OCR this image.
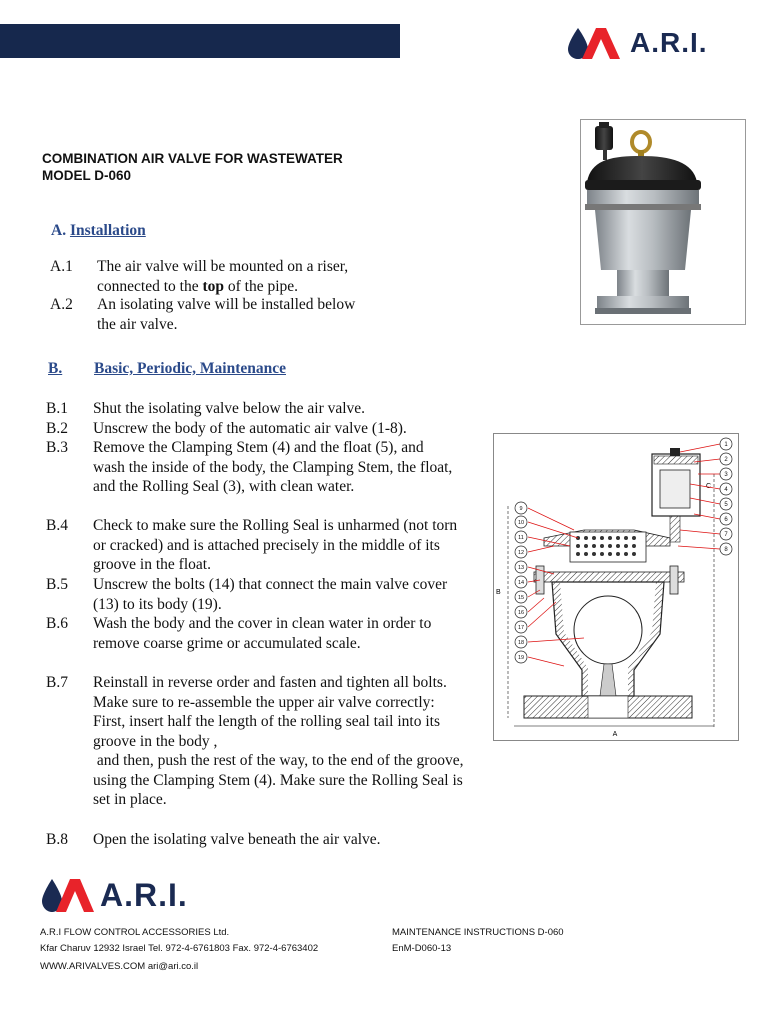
A.R.I.
COMBINATION AIR VALVE FOR WASTEWATER
MODEL D-060
A. Installation
A.1	The air valve will be mounted on a riser,
connected to the top of the pipe.
A.2	An isolating valve will be installed below
the air valve.
B. Basic, Periodic, Maintenance
B.1	Shut the isolating valve below the air valve.
B.2	Unscrew the body of the automatic air valve (1-8).
B.3	Remove the Clamping Stem (4) and the float (5), and wash the inside of the body, the Clamping Stem, the float, and the Rolling Seal (3), with clean water.
B.4	Check to make sure the Rolling Seal is unharmed (not torn or cracked) and is attached precisely in the middle of its groove in the float.
B.5	Unscrew the bolts (14) that connect the main valve cover (13) to its body (19).
B.6	Wash the body and the cover in clean water in order to remove coarse grime or accumulated scale.
B.7	Reinstall in reverse order and fasten and tighten all bolts. Make sure to re-assemble the upper air valve correctly:
First, insert half the length of the rolling seal tail into its groove in the body ,
and then, push the rest of the way, to the end of the groove, using the Clamping Stem (4). Make sure the Rolling Seal is set in place.
B.8	Open the isolating valve beneath the air valve.
A
B
C
1
2
3
4
5
6
7
8
9
10
11
12
13
14
15
16
17
18
19
A.R.I.
A.R.I FLOW CONTROL ACCESSORIES Ltd.
Kfar Charuv 12932 Israel Tel. 972-4-6761803 Fax. 972-4-6763402
WWW.ARIVALVES.COM ari@ari.co.il
MAINTENANCE INSTRUCTIONS D-060
EnM-D060-13
